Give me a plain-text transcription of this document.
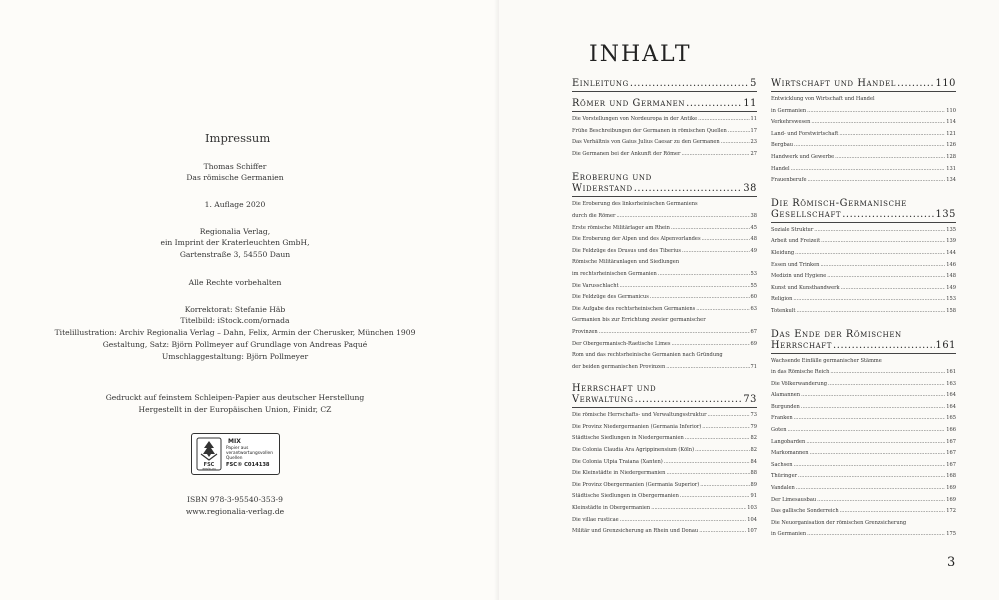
Impressum
Thomas Schiffer
Das römische Germanien
1. Auflage 2020
Regionalia Verlag,
ein Imprint der Kraterleuchten GmbH,
Gartenstraße 3, 54550 Daun
Alle Rechte vorbehalten
Korrektorat: Stefanie Häb
Titelbild: iStock.com/ornada
Titelillustration: Archiv Regionalia Verlag – Dahn, Felix, Armin der Cherusker, München 1909
Gestaltung, Satz: Björn Pollmeyer auf Grundlage von Andreas Paqué
Umschlaggestaltung: Björn Pollmeyer
Gedruckt auf feinstem Schleipen-Papier aus deutscher Herstellung
Hergestellt in der Europäischen Union, Finidr, CZ
FSC
www.fsc.org
MIX
Papier aus verantwortungsvollen Quellen
FSC® C014138
ISBN 978-3-95540-353-9
www.regionalia-verlag.de
INHALT
Einleitung .....	5
Römer und Germanen .....	11
Die Vorstellungen von Nordeuropa in der Antike .....	11
Frühe Beschreibungen der Germanen in römischen Quellen .....	17
Das Verhältnis von Gaius Julius Caesar zu den Germanen .....	23
Die Germanen bei der Ankunft der Römer .....	27
Eroberung und
Widerstand .....	38
Die Eroberung des linksrheinischen Germaniens
durch die Römer .....	38
Erste römische Militärlager am Rhein .....	45
Die Eroberung der Alpen und des Alpenvorlandes .....	48
Die Feldzüge des Drusus und des Tiberius .....	49
Römische Militäranlagen und Siedlungen
im rechtsrheinischen Germanien .....	53
Die Varusschlacht .....	55
Die Feldzüge des Germanicus .....	60
Die Aufgabe des rechtsrheinischen Germaniens .....	63
Germanien bis zur Errichtung zweier germanischer
Provinzen .....	67
Der Obergermanisch-Raetische Limes .....	69
Rom und das rechtsrheinische Germanien nach Gründung
der beiden germanischen Provinzen .....	71
Herrschaft und
Verwaltung .....	73
Die römische Herrschafts- und Verwaltungsstruktur .....	73
Die Provinz Niedergermanien (Germania Inferior) .....	79
Städtische Siedlungen in Niedergermanien .....	82
Die Colonia Claudia Ara Agrippinensium (Köln) .....	82
Die Colonia Ulpia Traiana (Xanten) .....	84
Die Kleinstädte in Niedergermanien .....	88
Die Provinz Obergermanien (Germania Superior) .....	89
Städtische Siedlungen in Obergermanien .....	91
Kleinstädte in Obergermanien .....	103
Die villae rusticae .....	104
Militär und Grenzsicherung an Rhein und Donau .....	107
Wirtschaft und Handel .....	110
Entwicklung von Wirtschaft und Handel
in Germanien .....	110
Verkehrswesen .....	114
Land- und Forstwirtschaft .....	121
Bergbau .....	126
Handwerk und Gewerbe .....	128
Handel .....	131
Frauenberufe .....	134
Die Römisch-Germanische
Gesellschaft .....	135
Soziale Struktur .....	135
Arbeit und Freizeit .....	139
Kleidung .....	144
Essen und Trinken .....	146
Medizin und Hygiene .....	148
Kunst und Kunsthandwerk .....	149
Religion .....	153
Totenkult .....	158
Das Ende der Römischen
Herrschaft .....	161
Wachsende Einfälle germanischer Stämme
in das Römische Reich .....	161
Die Völkerwanderung .....	163
Alamannen .....	164
Burgunden .....	164
Franken .....	165
Goten .....	166
Langobarden .....	167
Markomannen .....	167
Sachsen .....	167
Thüringer .....	168
Vandalen .....	169
Der Limesausbau .....	169
Das gallische Sonderreich .....	172
Die Neuorganisation der römischen Grenzsicherung
in Germanien .....	175
3
